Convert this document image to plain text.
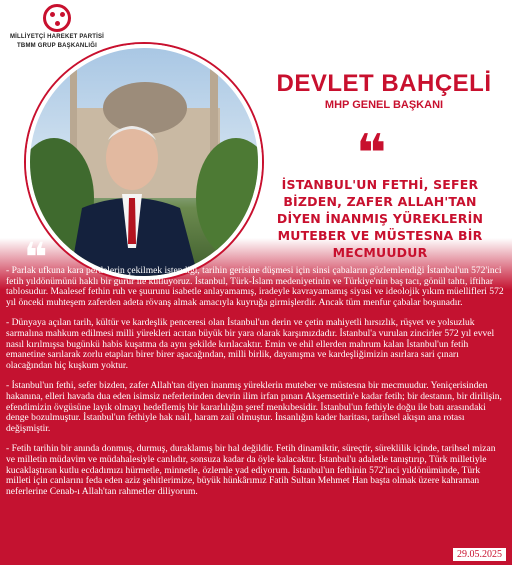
MİLLİYETÇİ HAREKET PARTİSİ
TBMM GRUP BAŞKANLIĞI
DEVLET BAHÇELİ
MHP GENEL BAŞKANI
❝
İSTANBUL'UN FETHİ, SEFER BİZDEN, ZAFER ALLAH'TAN DİYEN İNANMIŞ YÜREKLERİN MUTEBER VE MÜSTESNA BİR MECMUUDUR
❝

- Parlak ufkuna kara perdelerin çekilmek istendiği, tarihin gerisine düşmesi için sinsi çabaların gözlemlendiği İstanbul'un 572'inci fetih yıldönümünü haklı bir gurur ile kutluyoruz. İstanbul, Türk-İslam medeniyetinin ve Türkiye'nin baş tacı, gönül tahtı, iftihar tablosudur. Maalesef fethin ruh ve şuurunu isabetle anlayamamış, iradeyle kavrayamamış siyasi ve ideolojik yıkım müellifleri 572 yıl önceki muhteşem zaferden adeta rövanş almak amacıyla kuyruğa girmişlerdir. Ancak tüm menfur çabalar boşunadır.

- Dünyaya açılan tarih, kültür ve kardeşlik penceresi olan İstanbul'un derin ve çetin mahiyetli hırsızlık, rüşvet ve yolsuzluk sarmalına mahkum edilmesi milli yürekleri acıtan büyük bir yara olarak karşımızdadır. İstanbul'a vurulan zincirler 572 yıl evvel nasıl kırılmışsa bugünkü habis kuşatma da aynı şekilde kırılacaktır. Emin ve ehil ellerden mahrum kalan İstanbul'un fetih emanetine sarılarak zorlu etapları birer birer aşacağından, milli birlik, dayanışma ve kardeşliğimizin asırlara sari çınarı olacağından hiç kuşkum yoktur.

- İstanbul'un fethi, sefer bizden, zafer Allah'tan diyen inanmış yüreklerin muteber ve müstesna bir mecmuudur. Yeniçerisinden hakanına, elleri havada dua eden isimsiz neferlerinden devrin ilim irfan pınarı Akşemsettin'e kadar fetih; bir destanın, bir dirilişin, efendimizin övgüsüne layık olmayı hedeflemiş bir kararlılığın şeref menkıbesidir. İstanbul'un fethiyle doğu ile batı arasındaki denge bozulmuştur. İstanbul'un fethiyle hak nail, haram zail olmuştur. İnsanlığın kader haritası, tarihsel akışın ana rotası değişmiştir.

- Fetih tarihin bir anında donmuş, durmuş, duraklamış bir hal değildir. Fetih dinamiktir, süreçtir, süreklilik içinde, tarihsel mizan ve milletin müdavim ve müdahalesiyle canlıdır, sonsuza kadar da öyle kalacaktır. İstanbul'u adaletle tanıştırıp, Türk milletiyle kucaklaştıran kutlu ecdadımızı hürmetle, minnetle, özlemle yad ediyorum. İstanbul'un fethinin 572'inci yıldönümünde, Türk milleti için canlarını feda eden aziz şehitlerimize, büyük hünkârımız Fatih Sultan Mehmet Han başta olmak üzere kahraman neferlerine Cenab-ı Allah'tan rahmetler diliyorum.

29.05.2025
